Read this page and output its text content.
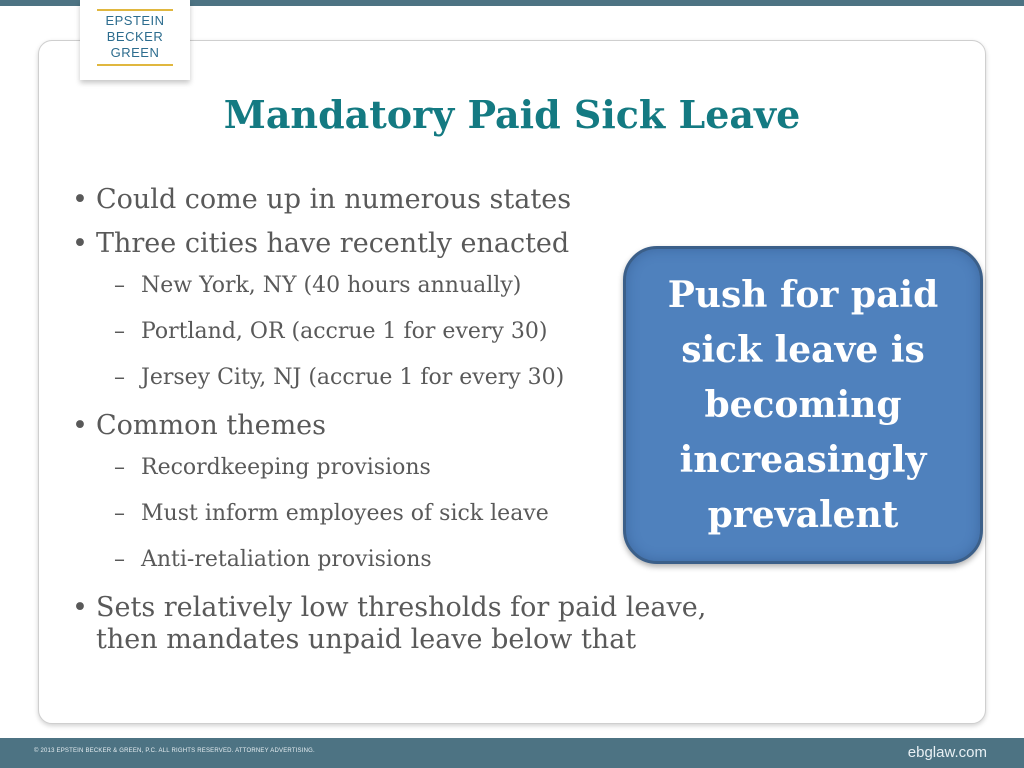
EPSTEIN
BECKER
GREEN
Mandatory Paid Sick Leave
• Could come up in numerous states
• Three cities have recently enacted
– New York, NY (40 hours annually)
– Portland, OR (accrue 1 for every 30)
– Jersey City, NJ (accrue 1 for every 30)
• Common themes
– Recordkeeping provisions
– Must inform employees of sick leave
– Anti-retaliation provisions
• Sets relatively low thresholds for paid leave, then mandates unpaid leave below that
Push for paid sick leave is becoming increasingly prevalent
© 2013 EPSTEIN BECKER & GREEN, P.C. ALL RIGHTS RESERVED. ATTORNEY ADVERTISING.	ebglaw.com
